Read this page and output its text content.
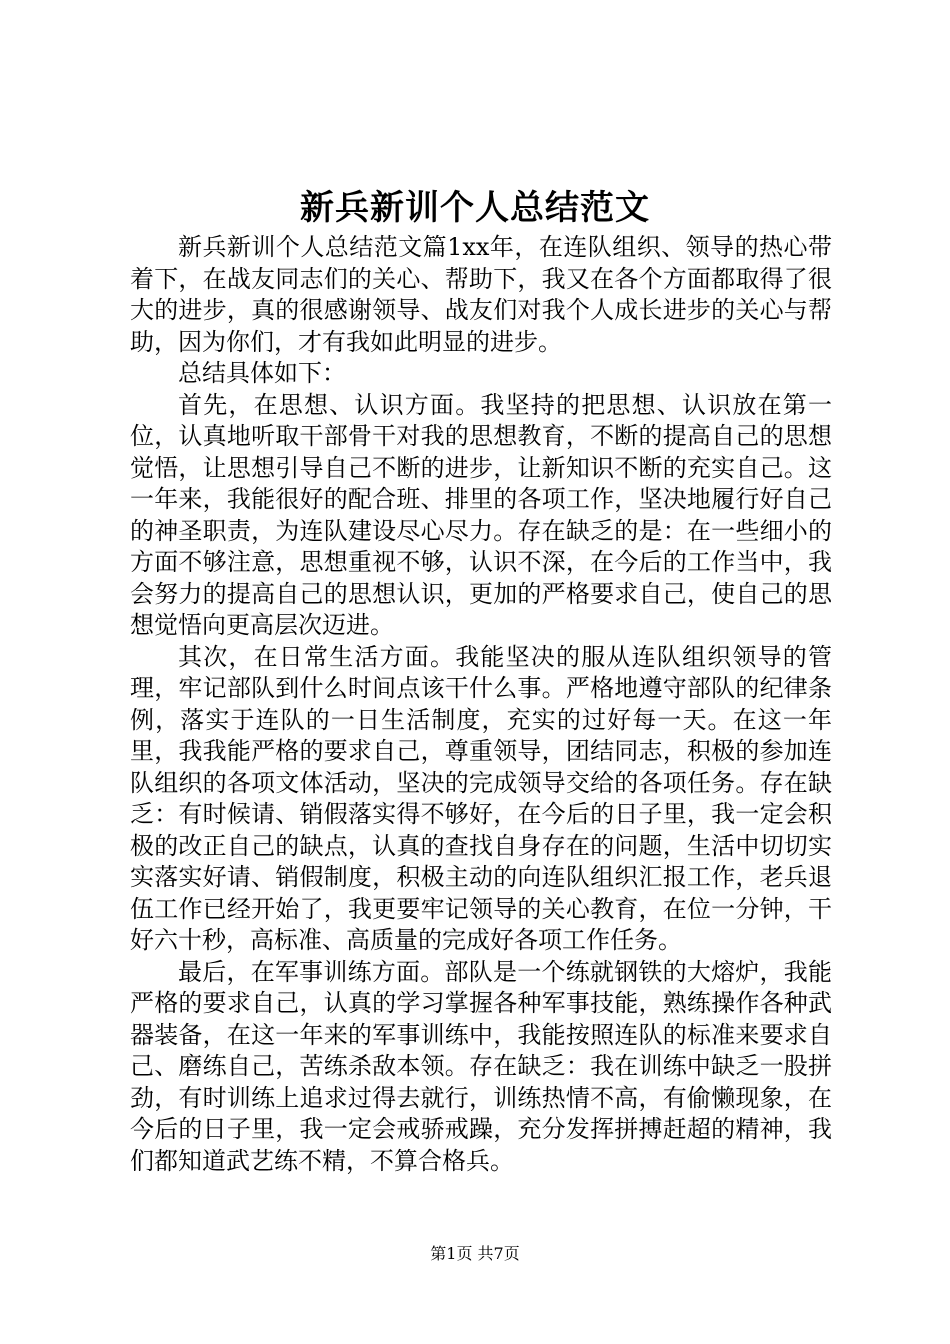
新兵新训个人总结范文

新兵新训个人总结范文篇1xx年，在连队组织、领导的热心带着下，在战友同志们的关心、帮助下，我又在各个方面都取得了很大的进步，真的很感谢领导、战友们对我个人成长进步的关心与帮助，因为你们，才有我如此明显的进步。

总结具体如下：

首先，在思想、认识方面。我坚持的把思想、认识放在第一位，认真地听取干部骨干对我的思想教育，不断的提高自己的思想觉悟，让思想引导自己不断的进步，让新知识不断的充实自己。这一年来，我能很好的配合班、排里的各项工作，坚决地履行好自己的神圣职责，为连队建设尽心尽力。存在缺乏的是：在一些细小的方面不够注意，思想重视不够，认识不深，在今后的工作当中，我会努力的提高自己的思想认识，更加的严格要求自己，使自己的思想觉悟向更高层次迈进。

其次，在日常生活方面。我能坚决的服从连队组织领导的管理，牢记部队到什么时间点该干什么事。严格地遵守部队的纪律条例，落实于连队的一日生活制度，充实的过好每一天。在这一年里，我我能严格的要求自己，尊重领导，团结同志，积极的参加连队组织的各项文体活动，坚决的完成领导交给的各项任务。存在缺乏：有时候请、销假落实得不够好，在今后的日子里，我一定会积极的改正自己的缺点，认真的查找自身存在的问题，生活中切切实实落实好请、销假制度，积极主动的向连队组织汇报工作，老兵退伍工作已经开始了，我更要牢记领导的关心教育，在位一分钟，干好六十秒，高标准、高质量的完成好各项工作任务。

最后，在军事训练方面。部队是一个练就钢铁的大熔炉，我能严格的要求自己，认真的学习掌握各种军事技能，熟练操作各种武器装备，在这一年来的军事训练中，我能按照连队的标准来要求自己、磨练自己，苦练杀敌本领。存在缺乏：我在训练中缺乏一股拼劲，有时训练上追求过得去就行，训练热情不高，有偷懒现象，在今后的日子里，我一定会戒骄戒躁，充分发挥拼搏赶超的精神，我们都知道武艺练不精，不算合格兵。

第1页 共7页
